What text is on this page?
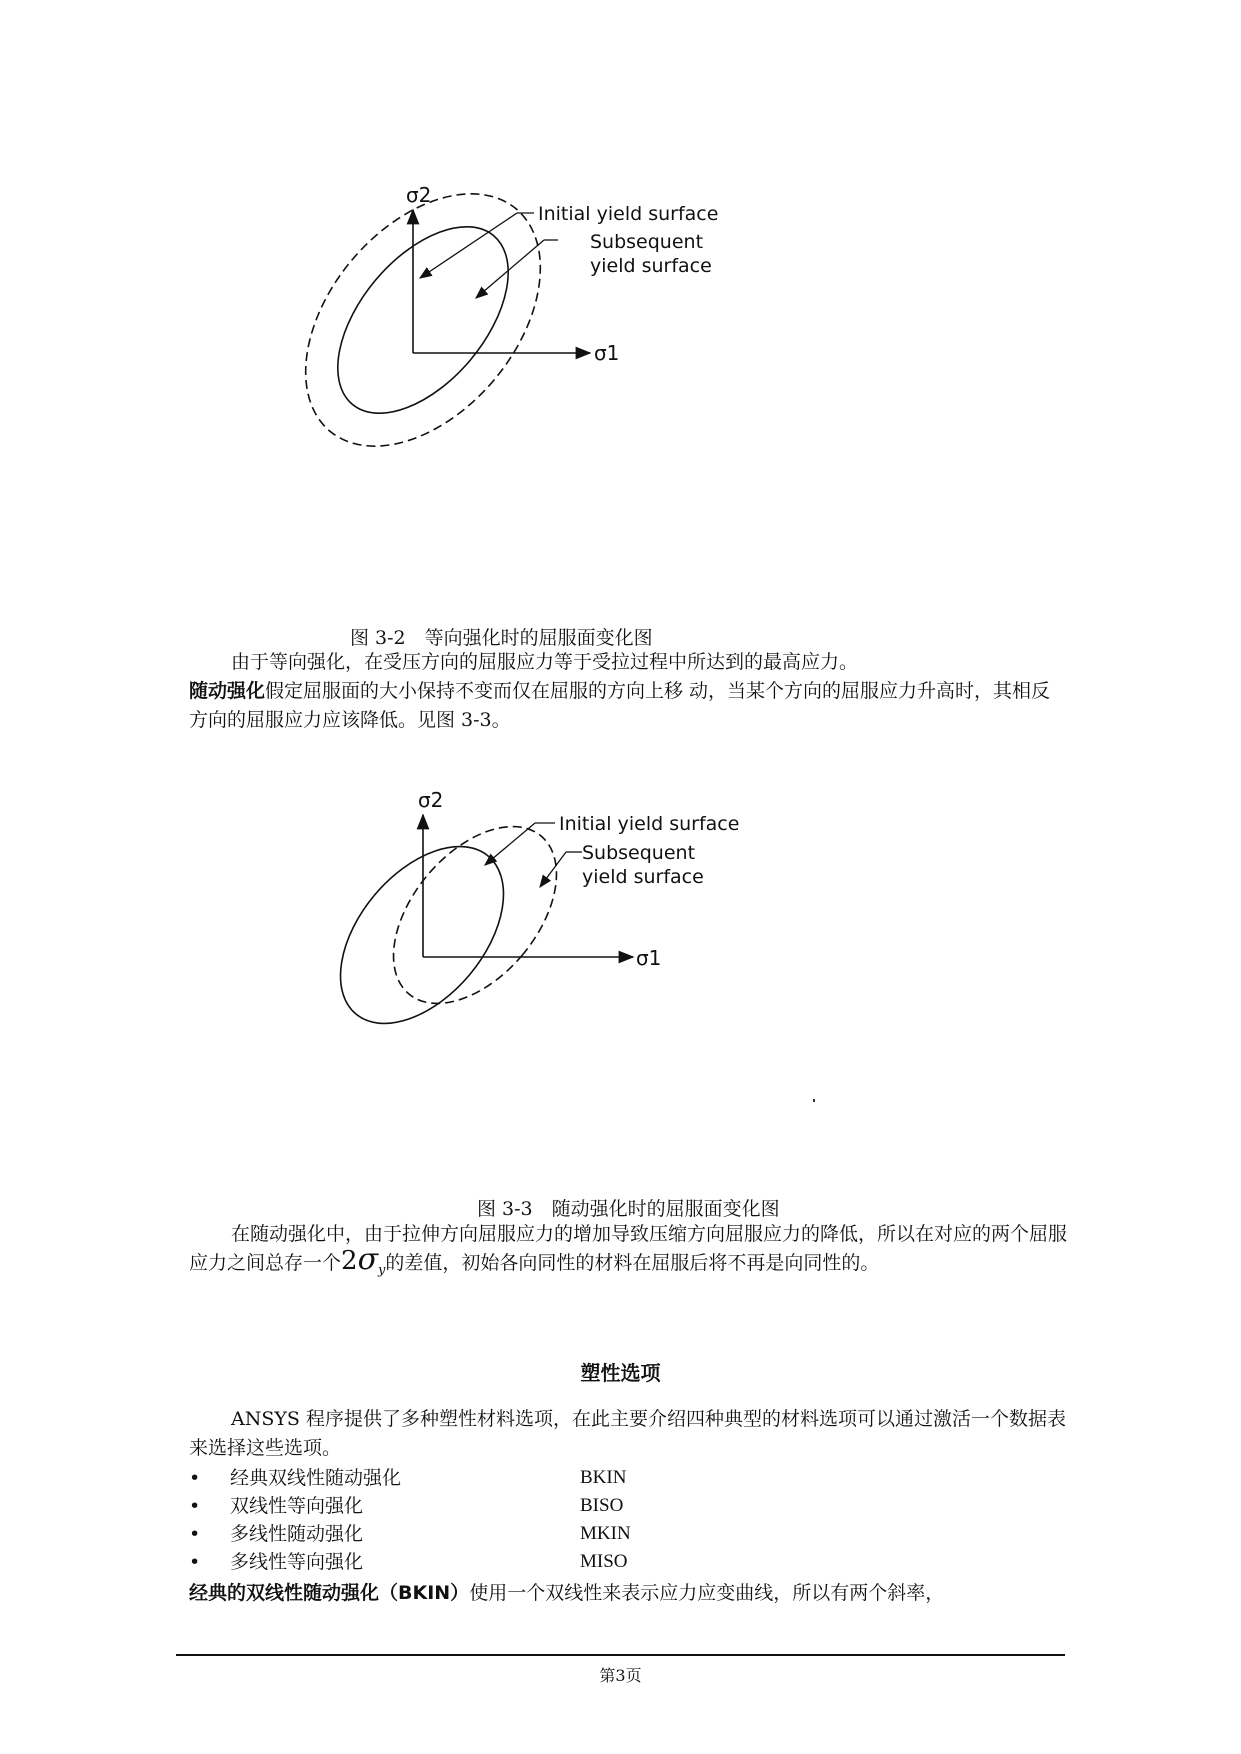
σ2
σ1
Initial yield surface
Subsequent
yield surface
图 3-2　等向强化时的屈服面变化图
由于等向强化，在受压方向的屈服应力等于受拉过程中所达到的最高应力。
随动强化假定屈服面的大小保持不变而仅在屈服的方向上移 动，当某个方向的屈服应力升高时，其相反方向的屈服应力应该降低。见图 3-3。
σ2
σ1
Initial yield surface
Subsequent
yield surface
图 3-3　随动强化时的屈服面变化图
在随动强化中，由于拉伸方向屈服应力的增加导致压缩方向屈服应力的降低，所以在对应的两个屈服应力之间总存一个$2\sigma_y$的差值，初始各向同性的材料在屈服后将不再是向同性的。
塑性选项
ANSYS 程序提供了多种塑性材料选项，在此主要介绍四种典型的材料选项可以通过激活一个数据表来选择这些选项。
• 经典双线性随动强化	BKIN
• 双线性等向强化	BISO
• 多线性随动强化	MKIN
• 多线性等向强化	MISO
经典的双线性随动强化（BKIN）使用一个双线性来表示应力应变曲线，所以有两个斜率，
第3页
